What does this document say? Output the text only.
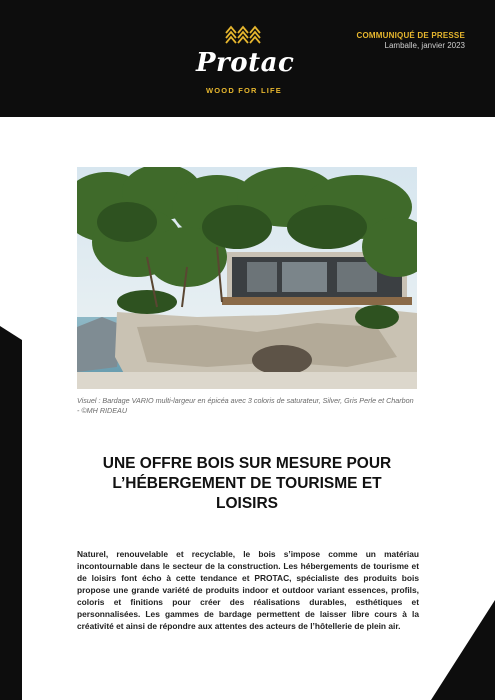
Protac
WOOD FOR LIFE
COMMUNIQUÉ DE PRESSE
Lamballe, janvier 2023
Visuel : Bardage VARIO multi-largeur en épicéa avec 3 coloris de saturateur, Silver, Gris Perle et Charbon - ©MH RIDEAU
UNE OFFRE BOIS SUR MESURE POUR
L’HÉBERGEMENT DE TOURISME ET
LOISIRS
Naturel, renouvelable et recyclable, le bois s’impose comme un matériau incontournable dans le secteur de la construction. Les hébergements de tourisme et de loisirs font écho à cette tendance et PROTAC, spécialiste des produits bois propose une grande variété de produits indoor et outdoor variant essences, profils, coloris et finitions pour créer des réalisations durables, esthétiques et personnalisées. Les gammes de bardage permettent de laisser libre cours à la créativité et ainsi de répondre aux attentes des acteurs de l’hôtellerie de plein air.
